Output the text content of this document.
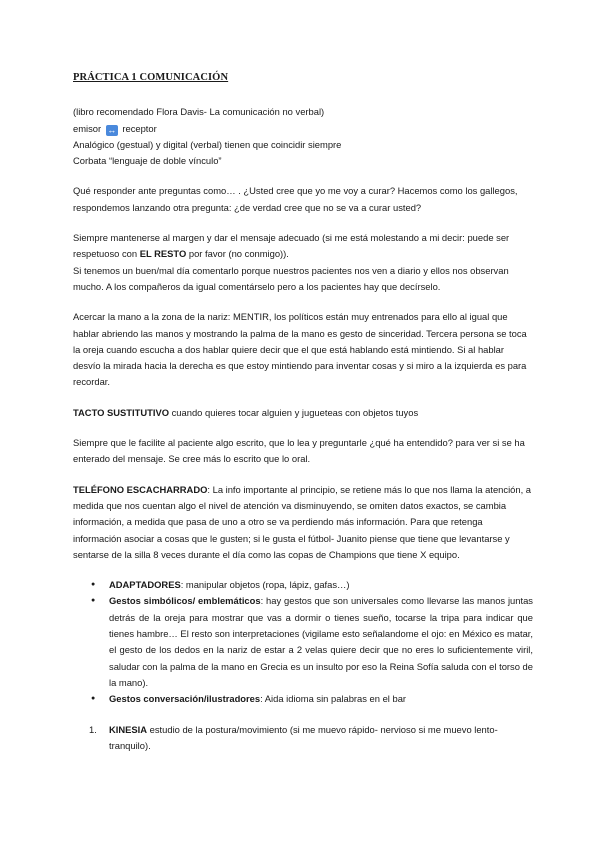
PRÁCTICA 1 COMUNICACIÓN

(libro recomendado Flora Davis- La comunicación no verbal)

emisor ↔ receptor

Analógico (gestual) y digital (verbal) tienen que coincidir siempre

Corbata “lenguaje de doble vínculo”

Qué responder ante preguntas como… . ¿Usted cree que yo me voy a curar? Hacemos como los gallegos, respondemos lanzando otra pregunta: ¿de verdad cree que no se va a curar usted?

Siempre mantenerse al margen y dar el mensaje adecuado (si me está molestando a mi decir: puede ser respetuoso con EL RESTO por favor (no conmigo)).

Si tenemos un buen/mal día comentarlo porque nuestros pacientes nos ven a diario y ellos nos observan mucho. A los compañeros da igual comentárselo pero a los pacientes hay que decírselo.

Acercar la mano a la zona de la nariz: MENTIR, los políticos están muy entrenados para ello al igual que hablar abriendo las manos y mostrando la palma de la mano es gesto de sinceridad. Tercera persona se toca la oreja cuando escucha a dos hablar quiere decir que el que está hablando está mintiendo. Si al hablar desvío la mirada hacia la derecha es que estoy mintiendo para inventar cosas y si miro a la izquierda es para recordar.

TACTO SUSTITUTIVO cuando quieres tocar alguien y jugueteas con objetos tuyos

Siempre que le facilite al paciente algo escrito, que lo lea y preguntarle ¿qué ha entendido? para ver si se ha enterado del mensaje. Se cree más lo escrito que lo oral.

TELÉFONO ESCACHARRADO: La info importante al principio, se retiene más lo que nos llama la atención, a medida que nos cuentan algo el nivel de atención va disminuyendo, se omiten datos exactos, se cambia información, a medida que pasa de uno a otro se va perdiendo más información. Para que retenga información asociar a cosas que le gusten; si le gusta el fútbol- Juanito piense que tiene que levantarse y sentarse de la silla 8 veces durante el día como las copas de Champions que tiene X equipo.

● ADAPTADORES: manipular objetos (ropa, lápiz, gafas…)
● Gestos simbólicos/ emblemáticos: hay gestos que son universales como llevarse las manos juntas detrás de la oreja para mostrar que vas a dormir o tienes sueño, tocarse la tripa para indicar que tienes hambre… El resto son interpretaciones (vigilame esto señalandome el ojo: en México es matar, el gesto de los dedos en la nariz de estar a 2 velas quiere decir que no eres lo suficientemente viril, saludar con la palma de la mano en Grecia es un insulto por eso la Reina Sofía saluda con el torso de la mano).
● Gestos conversación/ilustradores: Aida idioma sin palabras en el bar
1. KINESIA estudio de la postura/movimiento (si me muevo rápido- nervioso si me muevo lento- tranquilo).
